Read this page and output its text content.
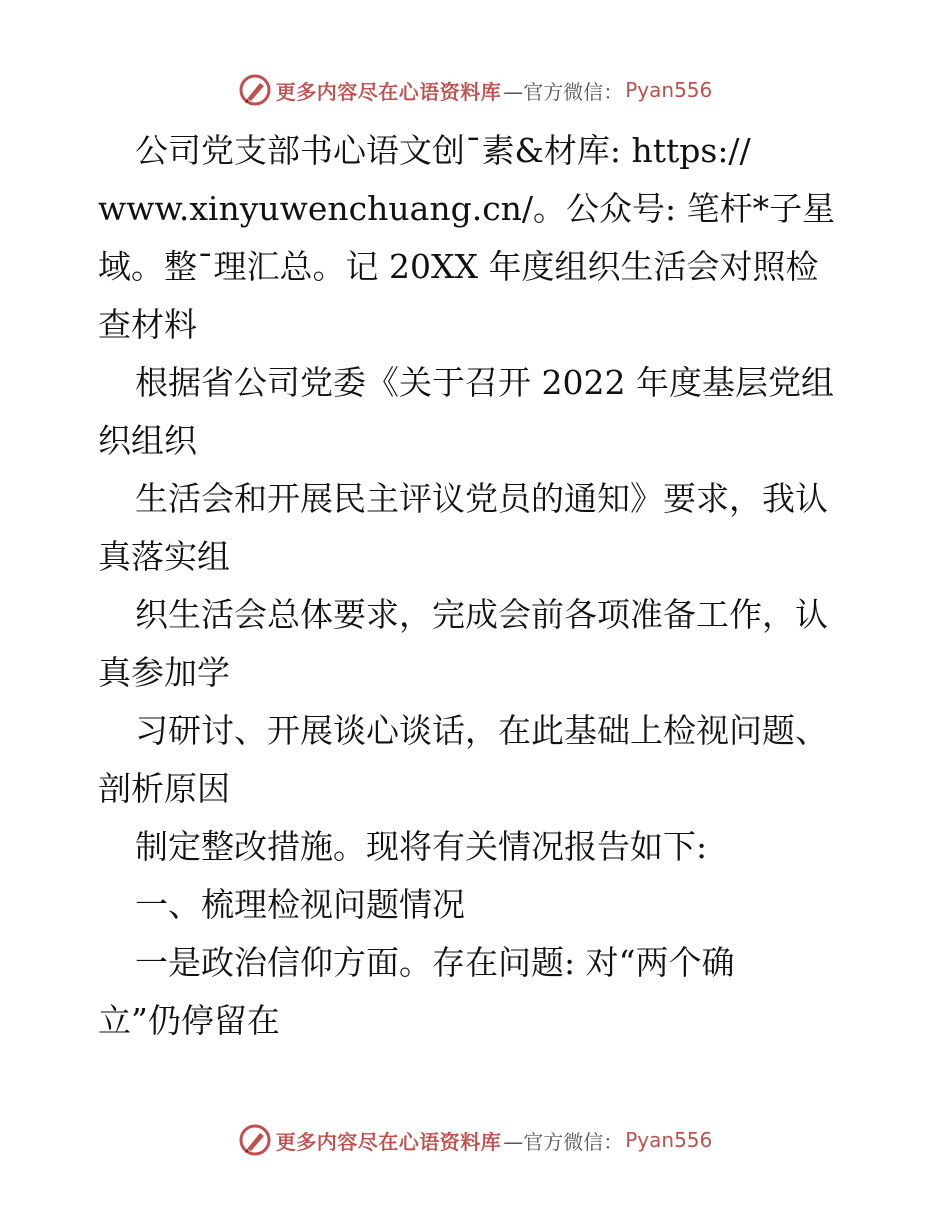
更多内容尽在心语资料库 —官方微信： Pyan556
公司党支部书心语文创¯素&材库: https://
www.xinyuwenchuang.cn/。公众号: 笔杆*子星
域。整¯理汇总。记 20XX 年度组织生活会对照检
查材料
根据省公司党委《关于召开 2022 年度基层党组
织组织
生活会和开展民主评议党员的通知》要求，我认
真落实组
织生活会总体要求，完成会前各项准备工作，认
真参加学
习研讨、开展谈心谈话，在此基础上检视问题、
剖析原因
制定整改措施。现将有关情况报告如下:
一、梳理检视问题情况
一是政治信仰方面。存在问题: 对“两个确
立”仍停留在
更多内容尽在心语资料库 —官方微信： Pyan556
